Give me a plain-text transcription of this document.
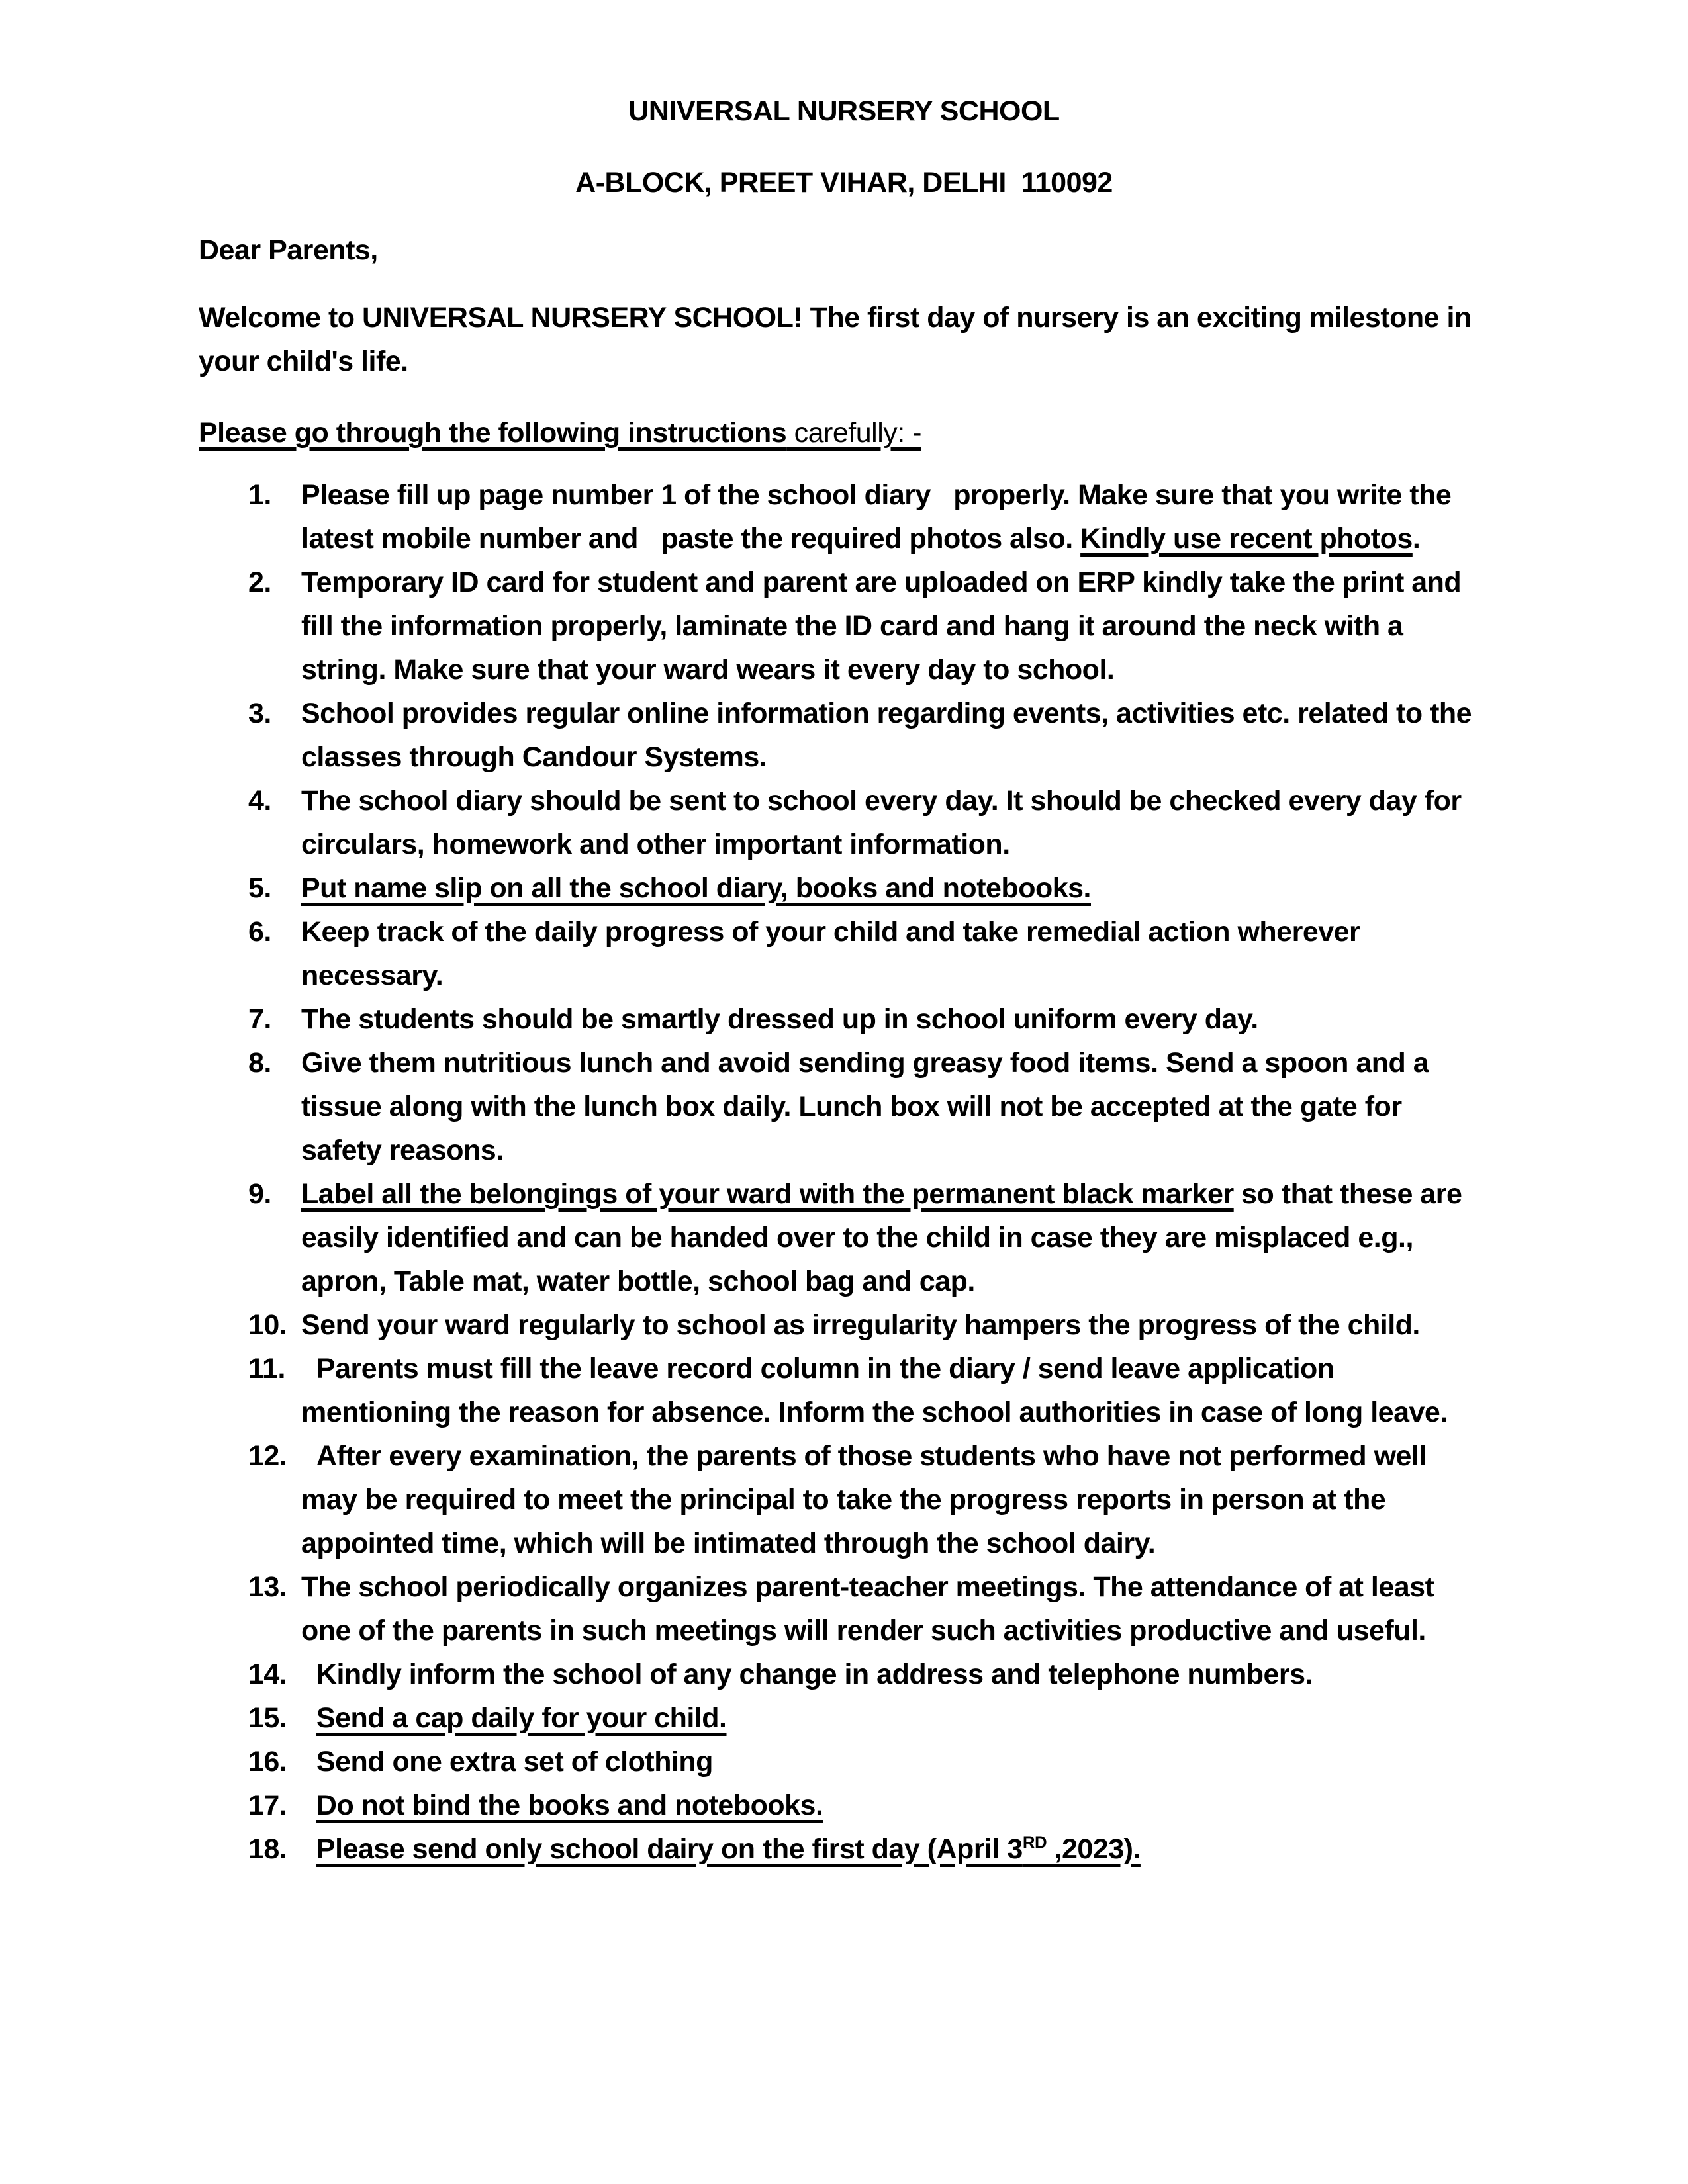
UNIVERSAL NURSERY SCHOOL

A-BLOCK, PREET VIHAR, DELHI  110092

Dear Parents,

Welcome to UNIVERSAL NURSERY SCHOOL! The first day of nursery is an exciting milestone in your child's life.

Please go through the following instructions carefully: -

1. Please fill up page number 1 of the school diary   properly. Make sure that you write the latest mobile number and   paste the required photos also. Kindly use recent photos.
2. Temporary ID card for student and parent are uploaded on ERP kindly take the print and fill the information properly, laminate the ID card and hang it around the neck with a string. Make sure that your ward wears it every day to school.
3. School provides regular online information regarding events, activities etc. related to the classes through Candour Systems.
4. The school diary should be sent to school every day. It should be checked every day for circulars, homework and other important information.
5. Put name slip on all the school diary, books and notebooks.
6. Keep track of the daily progress of your child and take remedial action wherever necessary.
7. The students should be smartly dressed up in school uniform every day.
8. Give them nutritious lunch and avoid sending greasy food items. Send a spoon and a tissue along with the lunch box daily. Lunch box will not be accepted at the gate for safety reasons.
9. Label all the belongings of your ward with the permanent black marker so that these are easily identified and can be handed over to the child in case they are misplaced e.g., apron, Table mat, water bottle, school bag and cap.
10. Send your ward regularly to school as irregularity hampers the progress of the child.
11. Parents must fill the leave record column in the diary / send leave application mentioning the reason for absence. Inform the school authorities in case of long leave.
12. After every examination, the parents of those students who have not performed well may be required to meet the principal to take the progress reports in person at the appointed time, which will be intimated through the school dairy.
13. The school periodically organizes parent-teacher meetings. The attendance of at least one of the parents in such meetings will render such activities productive and useful.
14. Kindly inform the school of any change in address and telephone numbers.
15. Send a cap daily for your child.
16. Send one extra set of clothing
17. Do not bind the books and notebooks.
18. Please send only school dairy on the first day (April 3RD ,2023).
